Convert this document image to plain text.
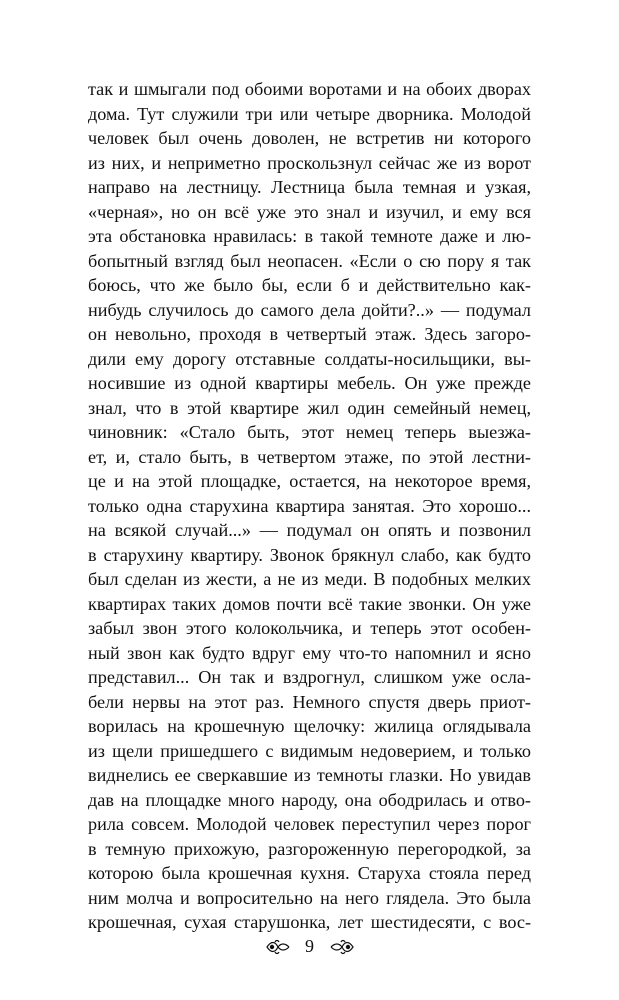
так и шмыгали под обоими воротами и на обоих дворах
дома. Тут служили три или четыре дворника. Молодой
человек был очень доволен, не встретив ни которого
из них, и неприметно проскользнул сейчас же из ворот
направо на лестницу. Лестница была темная и узкая,
«черная», но он всё уже это знал и изучил, и ему вся
эта обстановка нравилась: в такой темноте даже и лю-
бопытный взгляд был неопасен. «Если о сю пору я так
боюсь, что же было бы, если б и действительно как-
нибудь случилось до самого дела дойти?..» — подумал
он невольно, проходя в четвертый этаж. Здесь загоро-
дили ему дорогу отставные солдаты-носильщики, вы-
носившие из одной квартиры мебель. Он уже прежде
знал, что в этой квартире жил один семейный немец,
чиновник: «Стало быть, этот немец теперь выезжа-
ет, и, стало быть, в четвертом этаже, по этой лестни-
це и на этой площадке, остается, на некоторое время,
только одна старухина квартира занятая. Это хорошо...
на всякой случай...» — подумал он опять и позвонил
в старухину квартиру. Звонок брякнул слабо, как будто
был сделан из жести, а не из меди. В подобных мелких
квартирах таких домов почти всё такие звонки. Он уже
забыл звон этого колокольчика, и теперь этот особен-
ный звон как будто вдруг ему что-то напомнил и ясно
представил... Он так и вздрогнул, слишком уже осла-
бели нервы на этот раз. Немного спустя дверь приот-
ворилась на крошечную щелочку: жилица оглядывала
из щели пришедшего с видимым недоверием, и только
виднелись ее сверкавшие из темноты глазки. Но увидав
дав на площадке много народу, она ободрилась и отво-
рила совсем. Молодой человек переступил через порог
в темную прихожую, разгороженную перегородкой, за
которою была крошечная кухня. Старуха стояла перед
ним молча и вопросительно на него глядела. Это была
крошечная, сухая старушонка, лет шестидесяти, с вос-
9
